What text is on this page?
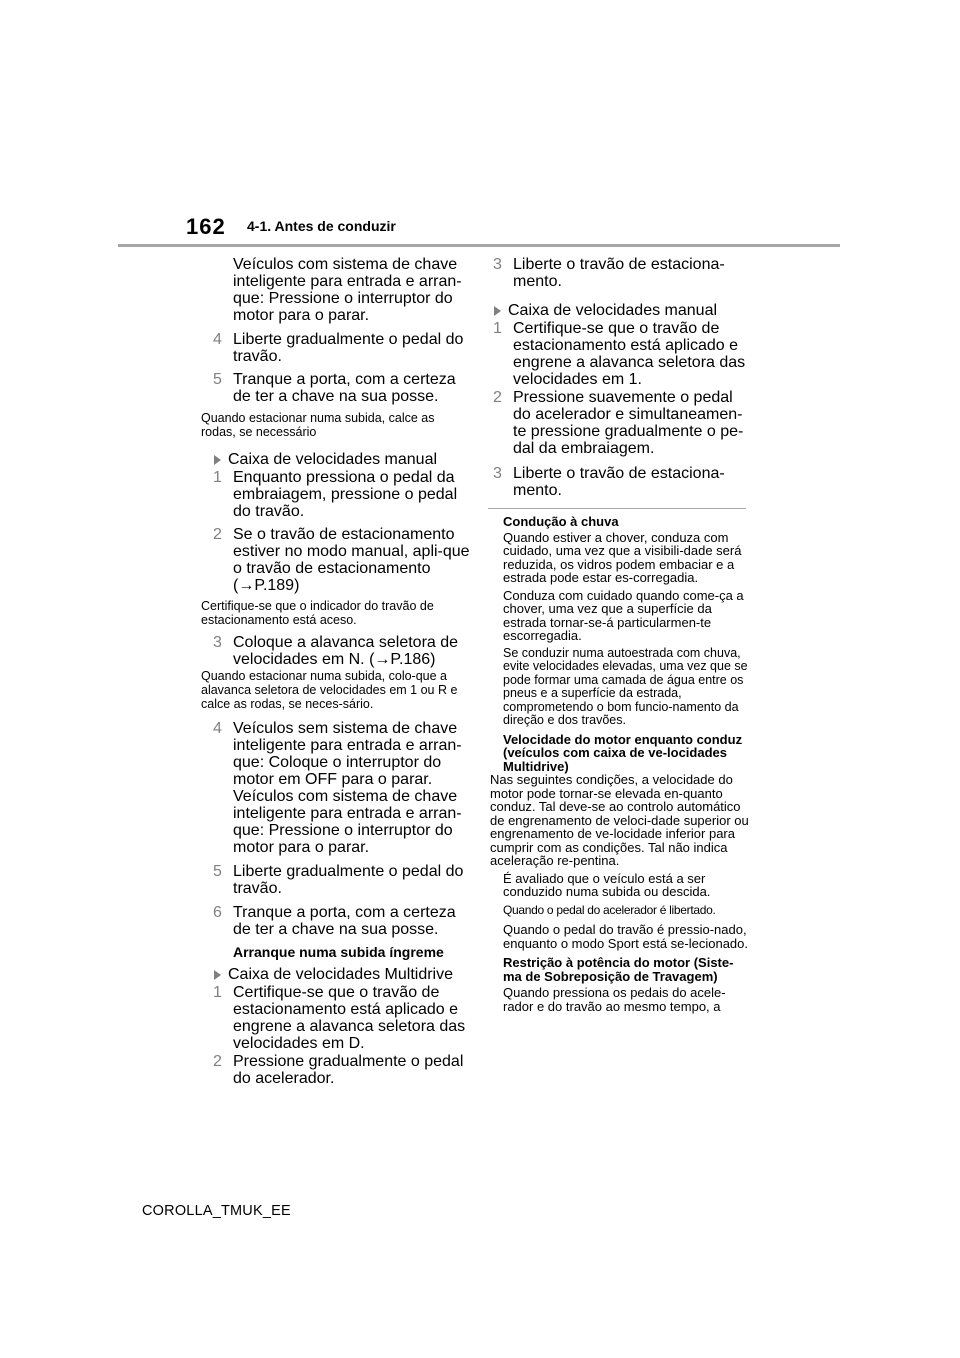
162 4-1. Antes de conduzir
Veículos com sistema de chave inteligente para entrada e arran-que: Pressione o interruptor do motor para o parar.
4 Liberte gradualmente o pedal do travão.
5 Tranque a porta, com a certeza de ter a chave na sua posse.
Quando estacionar numa subida, calce as rodas, se necessário
Caixa de velocidades manual
1 Enquanto pressiona o pedal da embraiagem, pressione o pedal do travão.
2 Se o travão de estacionamento estiver no modo manual, apli-que o travão de estacionamento (→P.189)
Certifique-se que o indicador do travão de estacionamento está aceso.
3 Coloque a alavanca seletora de velocidades em N. (→P.186)
Quando estacionar numa subida, colo-que a alavanca seletora de velocidades em 1 ou R e calce as rodas, se neces-sário.
4 Veículos sem sistema de chave inteligente para entrada e arran-que: Coloque o interruptor do motor em OFF para o parar.
Veículos com sistema de chave inteligente para entrada e arran-que: Pressione o interruptor do motor para o parar.
5 Liberte gradualmente o pedal do travão.
6 Tranque a porta, com a certeza de ter a chave na sua posse.
Arranque numa subida íngreme
Caixa de velocidades Multidrive
1 Certifique-se que o travão de estacionamento está aplicado e engrene a alavanca seletora das velocidades em D.
2 Pressione gradualmente o pedal do acelerador.
3 Liberte o travão de estaciona-mento.
Caixa de velocidades manual
1 Certifique-se que o travão de estacionamento está aplicado e engrene a alavanca seletora das velocidades em 1.
2 Pressione suavemente o pedal do acelerador e simultaneamen-te pressione gradualmente o pe-dal da embraiagem.
3 Liberte o travão de estaciona-mento.
Condução à chuva
Quando estiver a chover, conduza com cuidado, uma vez que a visibili-dade será reduzida, os vidros podem embaciar e a estrada pode estar es-corregadia.
Conduza com cuidado quando come-ça a chover, uma vez que a superfície da estrada tornar-se-á particularmen-te escorregadia.
Se conduzir numa autoestrada com chuva, evite velocidades elevadas, uma vez que se pode formar uma camada de água entre os pneus e a superfície da estrada, comprometendo o bom funcio-namento da direção e dos travões.
Velocidade do motor enquanto conduz (veículos com caixa de ve-locidades Multidrive)
Nas seguintes condições, a velocidade do motor pode tornar-se elevada en-quanto conduz. Tal deve-se ao controlo automático de engrenamento de veloci-dade superior ou engrenamento de ve-locidade inferior para cumprir com as condições. Tal não indica aceleração re-pentina.
É avaliado que o veículo está a ser conduzido numa subida ou descida.
Quando o pedal do acelerador é libertado.
Quando o pedal do travão é pressio-nado, enquanto o modo Sport está se-lecionado.
Restrição à potência do motor (Siste-ma de Sobreposição de Travagem)
Quando pressiona os pedais do acele-rador e do travão ao mesmo tempo, a
COROLLA_TMUK_EE
